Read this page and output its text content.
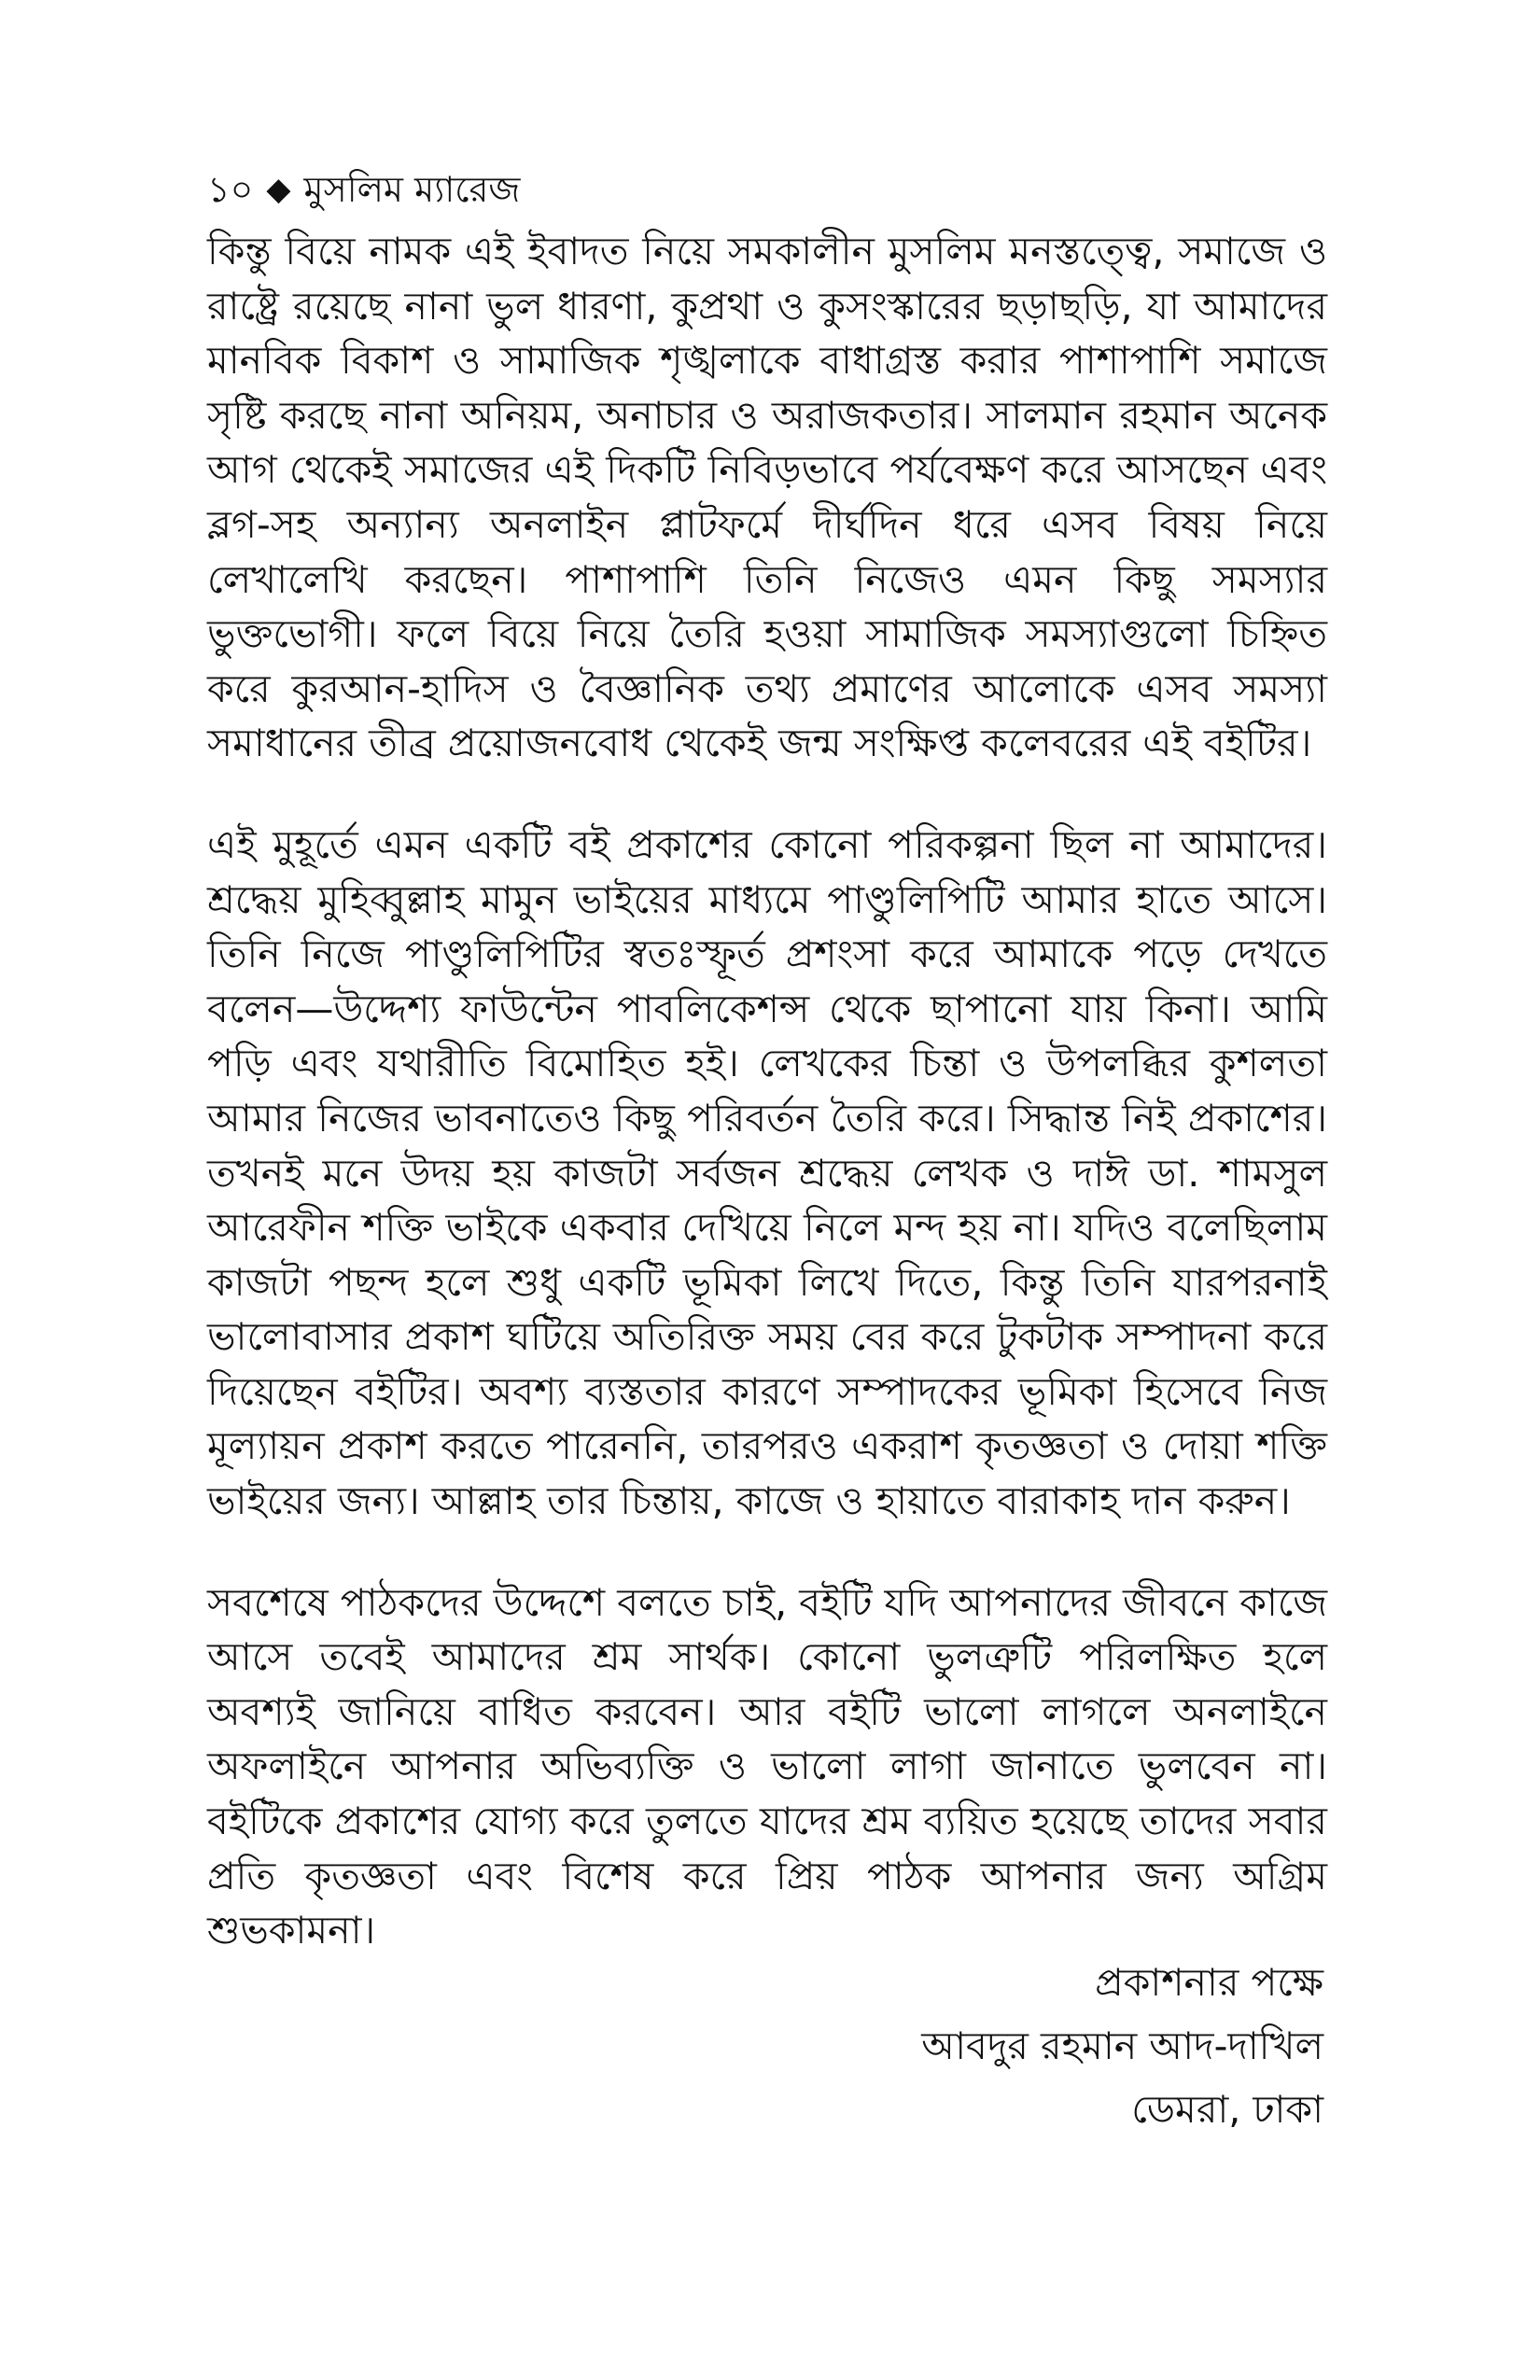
১০ ◆ মুসলিম ম্যারেজ

কিন্তু বিয়ে নামক এই ইবাদত নিয়ে সমকালীন মুসলিম মনস্তত্ত্বে, সমাজে ও রাষ্ট্রে রয়েছে নানা ভুল ধারণা, কুপ্রথা ও কুসংস্কারের ছড়াছড়ি, যা আমাদের মানবিক বিকাশ ও সামাজিক শৃঙ্খলাকে বাধাগ্রস্ত করার পাশাপাশি সমাজে সৃষ্টি করছে নানা অনিয়ম, অনাচার ও অরাজকতার। সালমান রহমান অনেক আগ থেকেই সমাজের এই দিকটি নিবিড়ভাবে পর্যবেক্ষণ করে আসছেন এবং ব্লগ-সহ অন্যান্য অনলাইন প্লাটফর্মে দীর্ঘদিন ধরে এসব বিষয় নিয়ে লেখালেখি করছেন। পাশাপাশি তিনি নিজেও এমন কিছু সমস্যার ভুক্তভোগী। ফলে বিয়ে নিয়ে তৈরি হওয়া সামাজিক সমস্যাগুলো চিহ্নিত করে কুরআন-হাদিস ও বৈজ্ঞানিক তথ্য প্রমাণের আলোকে এসব সমস্যা সমাধানের তীব্র প্রয়োজনবোধ থেকেই জন্ম সংক্ষিপ্ত কলেবরের এই বইটির।

এই মুহূর্তে এমন একটি বই প্রকাশের কোনো পরিকল্পনা ছিল না আমাদের। শ্রদ্ধেয় মুহিব্বুল্লাহ মামুন ভাইয়ের মাধ্যমে পাণ্ডুলিপিটি আমার হাতে আসে। তিনি নিজে পাণ্ডুলিপিটির স্বতঃস্ফূর্ত প্রশংসা করে আমাকে পড়ে দেখতে বলেন—উদ্দেশ্য ফাউন্টেন পাবলিকেশন্স থেকে ছাপানো যায় কিনা। আমি পড়ি এবং যথারীতি বিমোহিত হই। লেখকের চিন্তা ও উপলব্ধির কুশলতা আমার নিজের ভাবনাতেও কিছু পরিবর্তন তৈরি করে। সিদ্ধান্ত নিই প্রকাশের। তখনই মনে উদয় হয় কাজটা সর্বজন শ্রদ্ধেয় লেখক ও দাঈ ডা. শামসুল আরেফীন শক্তি ভাইকে একবার দেখিয়ে নিলে মন্দ হয় না। যদিও বলেছিলাম কাজটা পছন্দ হলে শুধু একটি ভূমিকা লিখে দিতে, কিন্তু তিনি যারপরনাই ভালোবাসার প্রকাশ ঘটিয়ে অতিরিক্ত সময় বের করে টুকটাক সম্পাদনা করে দিয়েছেন বইটির। অবশ্য ব্যস্ততার কারণে সম্পাদকের ভূমিকা হিসেবে নিজ মূল্যায়ন প্রকাশ করতে পারেননি, তারপরও একরাশ কৃতজ্ঞতা ও দোয়া শক্তি ভাইয়ের জন্য। আল্লাহ তার চিন্তায়, কাজে ও হায়াতে বারাকাহ দান করুন।

সবশেষে পাঠকদের উদ্দেশে বলতে চাই, বইটি যদি আপনাদের জীবনে কাজে আসে তবেই আমাদের শ্রম সার্থক। কোনো ভুলত্রুটি পরিলক্ষিত হলে অবশ্যই জানিয়ে বাধিত করবেন। আর বইটি ভালো লাগলে অনলাইনে অফলাইনে আপনার অভিব্যক্তি ও ভালো লাগা জানাতে ভুলবেন না। বইটিকে প্রকাশের যোগ্য করে তুলতে যাদের শ্রম ব্যয়িত হয়েছে তাদের সবার প্রতি কৃতজ্ঞতা এবং বিশেষ করে প্রিয় পাঠক আপনার জন্য অগ্রিম শুভকামনা।

প্রকাশনার পক্ষে
আবদুর রহমান আদ-দাখিল
ডেমরা, ঢাকা
